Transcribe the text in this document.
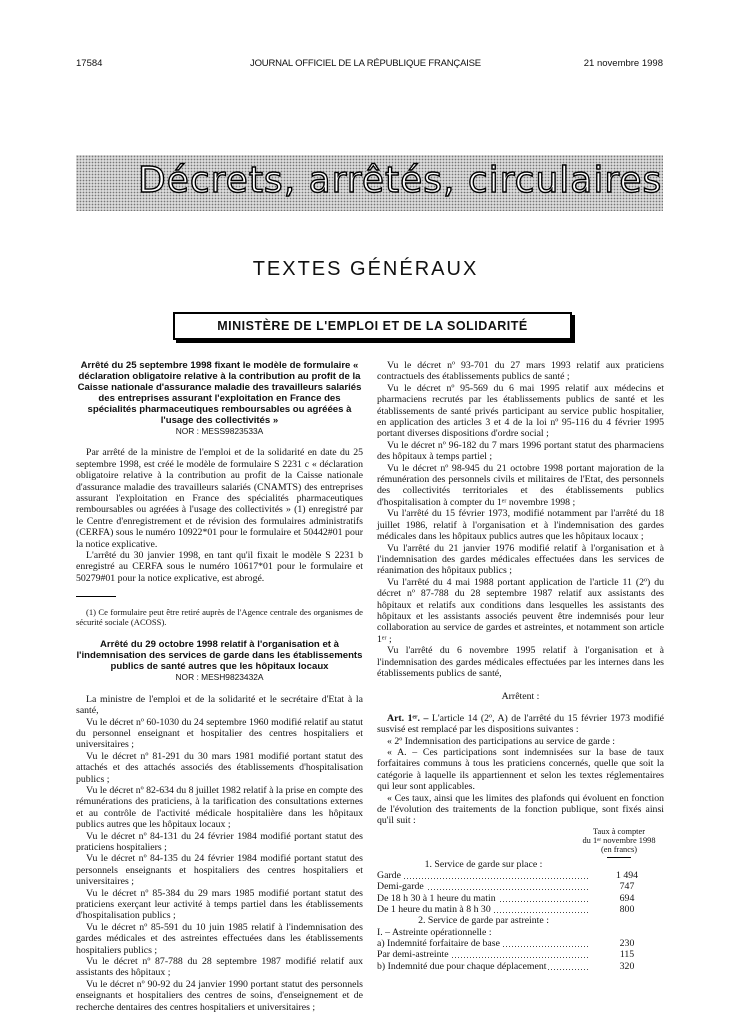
17584	JOURNAL OFFICIEL DE LA RÉPUBLIQUE FRANÇAISE	21 novembre 1998
Décrets, arrêtés, circulaires
TEXTES GÉNÉRAUX
MINISTÈRE DE L'EMPLOI ET DE LA SOLIDARITÉ

Arrêté du 25 septembre 1998 fixant le modèle de formulaire « déclaration obligatoire relative à la contribution au profit de la Caisse nationale d'assurance maladie des travailleurs salariés des entreprises assurant l'exploitation en France des spécialités pharmaceutiques remboursables ou agréées à l'usage des collectivités »

NOR : MESS9823533A

Par arrêté de la ministre de l'emploi et de la solidarité en date du 25 septembre 1998, est créé le modèle de formulaire S 2231 c « déclaration obligatoire relative à la contribution au profit de la Caisse nationale d'assurance maladie des travailleurs salariés (CNAMTS) des entreprises assurant l'exploitation en France des spécialités pharmaceutiques remboursables ou agréées à l'usage des collectivités » (1) enregistré par le Centre d'enregistrement et de révision des formulaires administratifs (CERFA) sous le numéro 10922*01 pour le formulaire et 50442#01 pour la notice explicative.

L'arrêté du 30 janvier 1998, en tant qu'il fixait le modèle S 2231 b enregistré au CERFA sous le numéro 10617*01 pour le formulaire et 50279#01 pour la notice explicative, est abrogé.

(1) Ce formulaire peut être retiré auprès de l'Agence centrale des organismes de sécurité sociale (ACOSS).

Arrêté du 29 octobre 1998 relatif à l'organisation et à l'indemnisation des services de garde dans les établissements publics de santé autres que les hôpitaux locaux

NOR : MESH9823432A

La ministre de l'emploi et de la solidarité et le secrétaire d'Etat à la santé,

Vu le décret nº 60-1030 du 24 septembre 1960 modifié relatif au statut du personnel enseignant et hospitalier des centres hospitaliers et universitaires ;

Vu le décret nº 81-291 du 30 mars 1981 modifié portant statut des attachés et des attachés associés des établissements d'hospitalisation publics ;

Vu le décret nº 82-634 du 8 juillet 1982 relatif à la prise en compte des rémunérations des praticiens, à la tarification des consultations externes et au contrôle de l'activité médicale hospitalière dans les hôpitaux publics autres que les hôpitaux locaux ;

Vu le décret nº 84-131 du 24 février 1984 modifié portant statut des praticiens hospitaliers ;

Vu le décret nº 84-135 du 24 février 1984 modifié portant statut des personnels enseignants et hospitaliers des centres hospitaliers et universitaires ;

Vu le décret nº 85-384 du 29 mars 1985 modifié portant statut des praticiens exerçant leur activité à temps partiel dans les établissements d'hospitalisation publics ;

Vu le décret nº 85-591 du 10 juin 1985 relatif à l'indemnisation des gardes médicales et des astreintes effectuées dans les établissements hospitaliers publics ;

Vu le décret nº 87-788 du 28 septembre 1987 modifié relatif aux assistants des hôpitaux ;

Vu le décret nº 90-92 du 24 janvier 1990 portant statut des personnels enseignants et hospitaliers des centres de soins, d'enseignement et de recherche dentaires des centres hospitaliers et universitaires ;

Vu le décret nº 93-701 du 27 mars 1993 relatif aux praticiens contractuels des établissements publics de santé ;

Vu le décret nº 95-569 du 6 mai 1995 relatif aux médecins et pharmaciens recrutés par les établissements publics de santé et les établissements de santé privés participant au service public hospitalier, en application des articles 3 et 4 de la loi nº 95-116 du 4 février 1995 portant diverses dispositions d'ordre social ;

Vu le décret nº 96-182 du 7 mars 1996 portant statut des pharmaciens des hôpitaux à temps partiel ;

Vu le décret nº 98-945 du 21 octobre 1998 portant majoration de la rémunération des personnels civils et militaires de l'Etat, des personnels des collectivités territoriales et des établissements publics d'hospitalisation à compter du 1ᵉʳ novembre 1998 ;

Vu l'arrêté du 15 février 1973, modifié notamment par l'arrêté du 18 juillet 1986, relatif à l'organisation et à l'indemnisation des gardes médicales dans les hôpitaux publics autres que les hôpitaux locaux ;

Vu l'arrêté du 21 janvier 1976 modifié relatif à l'organisation et à l'indemnisation des gardes médicales effectuées dans les services de réanimation des hôpitaux publics ;

Vu l'arrêté du 4 mai 1988 portant application de l'article 11 (2º) du décret nº 87-788 du 28 septembre 1987 relatif aux assistants des hôpitaux et relatifs aux conditions dans lesquelles les assistants des hôpitaux et les assistants associés peuvent être indemnisés pour leur collaboration au service de gardes et astreintes, et notamment son article 1ᵉʳ ;

Vu l'arrêté du 6 novembre 1995 relatif à l'organisation et à l'indemnisation des gardes médicales effectuées par les internes dans les établissements publics de santé,

Arrêtent :

Art. 1ᵉʳ. – L'article 14 (2º, A) de l'arrêté du 15 février 1973 modifié susvisé est remplacé par les dispositions suivantes :

« 2º Indemnisation des participations au service de garde :

« A. – Ces participations sont indemnisées sur la base de taux forfaitaires communs à tous les praticiens concernés, quelle que soit la catégorie à laquelle ils appartiennent et selon les textes réglementaires qui leur sont applicables.

« Ces taux, ainsi que les limites des plafonds qui évoluent en fonction de l'évolution des traitements de la fonction publique, sont fixés ainsi qu'il suit :

Taux à compter
du 1ᵉʳ novembre 1998
(en francs)
1. Service de garde sur place :	
Garde	1 494
Demi-garde	747
De 18 h 30 à 1 heure du matin	694
De 1 heure du matin à 8 h 30	800
2. Service de garde par astreinte :	
I. – Astreinte opérationnelle :	
a) Indemnité forfaitaire de base	230
Par demi-astreinte	115
b) Indemnité due pour chaque déplacement	320
